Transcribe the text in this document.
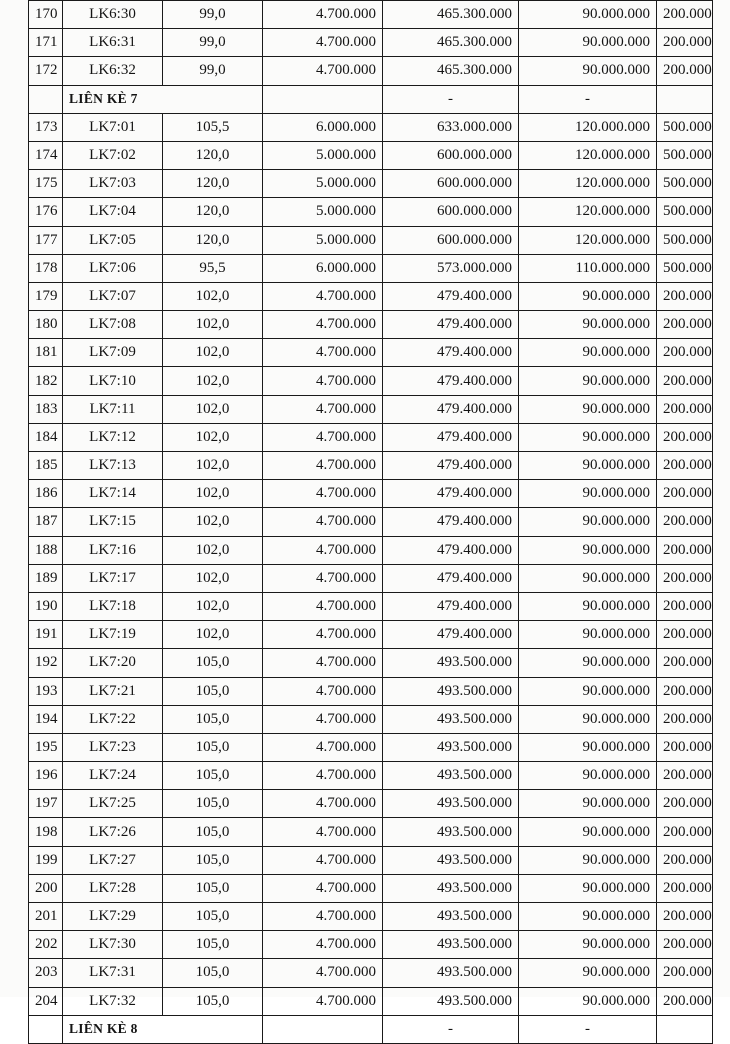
170	LK6:30	99,0	4.700.000	465.300.000	90.000.000	200.000
171	LK6:31	99,0	4.700.000	465.300.000	90.000.000	200.000
172	LK6:32	99,0	4.700.000	465.300.000	90.000.000	200.000
	LIÊN KÈ 7			-	-	
173	LK7:01	105,5	6.000.000	633.000.000	120.000.000	500.000
174	LK7:02	120,0	5.000.000	600.000.000	120.000.000	500.000
175	LK7:03	120,0	5.000.000	600.000.000	120.000.000	500.000
176	LK7:04	120,0	5.000.000	600.000.000	120.000.000	500.000
177	LK7:05	120,0	5.000.000	600.000.000	120.000.000	500.000
178	LK7:06	95,5	6.000.000	573.000.000	110.000.000	500.000
179	LK7:07	102,0	4.700.000	479.400.000	90.000.000	200.000
180	LK7:08	102,0	4.700.000	479.400.000	90.000.000	200.000
181	LK7:09	102,0	4.700.000	479.400.000	90.000.000	200.000
182	LK7:10	102,0	4.700.000	479.400.000	90.000.000	200.000
183	LK7:11	102,0	4.700.000	479.400.000	90.000.000	200.000
184	LK7:12	102,0	4.700.000	479.400.000	90.000.000	200.000
185	LK7:13	102,0	4.700.000	479.400.000	90.000.000	200.000
186	LK7:14	102,0	4.700.000	479.400.000	90.000.000	200.000
187	LK7:15	102,0	4.700.000	479.400.000	90.000.000	200.000
188	LK7:16	102,0	4.700.000	479.400.000	90.000.000	200.000
189	LK7:17	102,0	4.700.000	479.400.000	90.000.000	200.000
190	LK7:18	102,0	4.700.000	479.400.000	90.000.000	200.000
191	LK7:19	102,0	4.700.000	479.400.000	90.000.000	200.000
192	LK7:20	105,0	4.700.000	493.500.000	90.000.000	200.000
193	LK7:21	105,0	4.700.000	493.500.000	90.000.000	200.000
194	LK7:22	105,0	4.700.000	493.500.000	90.000.000	200.000
195	LK7:23	105,0	4.700.000	493.500.000	90.000.000	200.000
196	LK7:24	105,0	4.700.000	493.500.000	90.000.000	200.000
197	LK7:25	105,0	4.700.000	493.500.000	90.000.000	200.000
198	LK7:26	105,0	4.700.000	493.500.000	90.000.000	200.000
199	LK7:27	105,0	4.700.000	493.500.000	90.000.000	200.000
200	LK7:28	105,0	4.700.000	493.500.000	90.000.000	200.000
201	LK7:29	105,0	4.700.000	493.500.000	90.000.000	200.000
202	LK7:30	105,0	4.700.000	493.500.000	90.000.000	200.000
203	LK7:31	105,0	4.700.000	493.500.000	90.000.000	200.000
204	LK7:32	105,0	4.700.000	493.500.000	90.000.000	200.000
	LIÊN KÈ 8			-	-	
